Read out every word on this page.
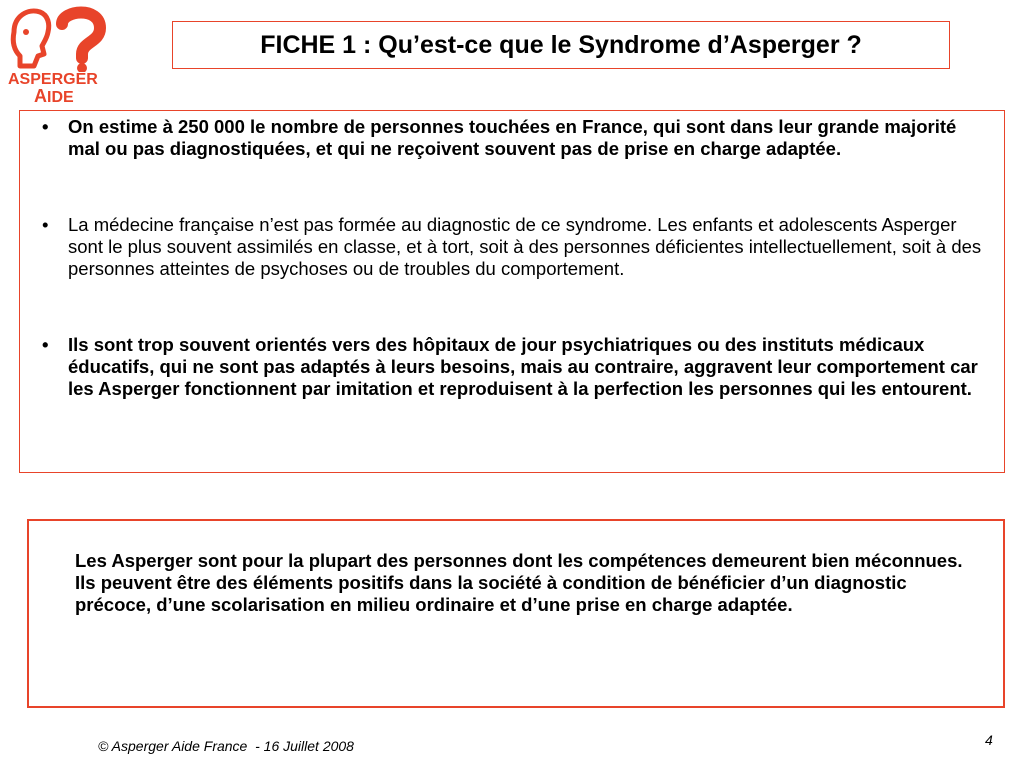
ASPERGER
AIDE
FICHE 1 : Qu’est-ce que le Syndrome d’Asperger ?
• On estime à 250 000 le nombre de personnes touchées en France, qui sont dans leur grande majorité mal ou pas diagnostiquées, et qui ne reçoivent souvent pas de prise en charge adaptée.
• La médecine française n’est pas formée au diagnostic de ce syndrome. Les enfants et adolescents Asperger sont le plus souvent assimilés en classe, et à tort, soit à des personnes déficientes intellectuellement, soit à des personnes atteintes de psychoses ou de troubles du comportement.
• Ils sont trop souvent orientés vers des hôpitaux de jour psychiatriques ou des instituts médicaux éducatifs, qui ne sont pas adaptés à leurs besoins, mais au contraire, aggravent leur comportement car les Asperger fonctionnent par imitation et reproduisent à la perfection les personnes qui les entourent.
Les Asperger sont pour la plupart des personnes dont les compétences demeurent bien méconnues. Ils peuvent être des éléments positifs dans la société à condition de bénéficier d’un diagnostic précoce, d’une scolarisation en milieu ordinaire et d’une prise en charge adaptée.
© Asperger Aide France  - 16 Juillet 2008	4
